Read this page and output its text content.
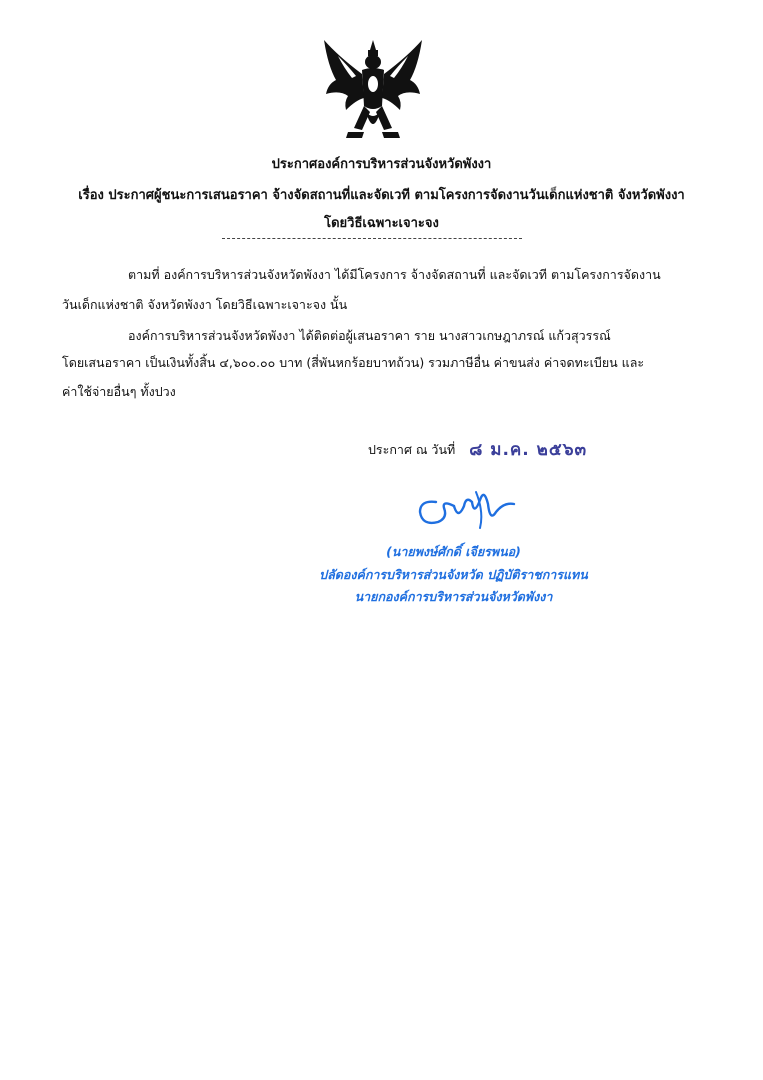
ประกาศองค์การบริหารส่วนจังหวัดพังงา
เรื่อง ประกาศผู้ชนะการเสนอราคา จ้างจัดสถานที่และจัดเวที ตามโครงการจัดงานวันเด็กแห่งชาติ จังหวัดพังงา
โดยวิธีเฉพาะเจาะจง
ตามที่ องค์การบริหารส่วนจังหวัดพังงา ได้มีโครงการ จ้างจัดสถานที่ และจัดเวที ตามโครงการจัดงาน
วันเด็กแห่งชาติ จังหวัดพังงา โดยวิธีเฉพาะเจาะจง นั้น
องค์การบริหารส่วนจังหวัดพังงา ได้ติดต่อผู้เสนอราคา ราย นางสาวเกษฎาภรณ์ แก้วสุวรรณ์
โดยเสนอราคา เป็นเงินทั้งสิ้น ๔,๖๐๐.๐๐ บาท (สี่พันหกร้อยบาทถ้วน) รวมภาษีอื่น ค่าขนส่ง ค่าจดทะเบียน และ
ค่าใช้จ่ายอื่นๆ ทั้งปวง
ประกาศ ณ วันที่ ๘ ม.ค. ๒๕๖๓
(นายพงษ์ศักดิ์ เจียรพนอ)
ปลัดองค์การบริหารส่วนจังหวัด ปฏิบัติราชการแทน
นายกองค์การบริหารส่วนจังหวัดพังงา
